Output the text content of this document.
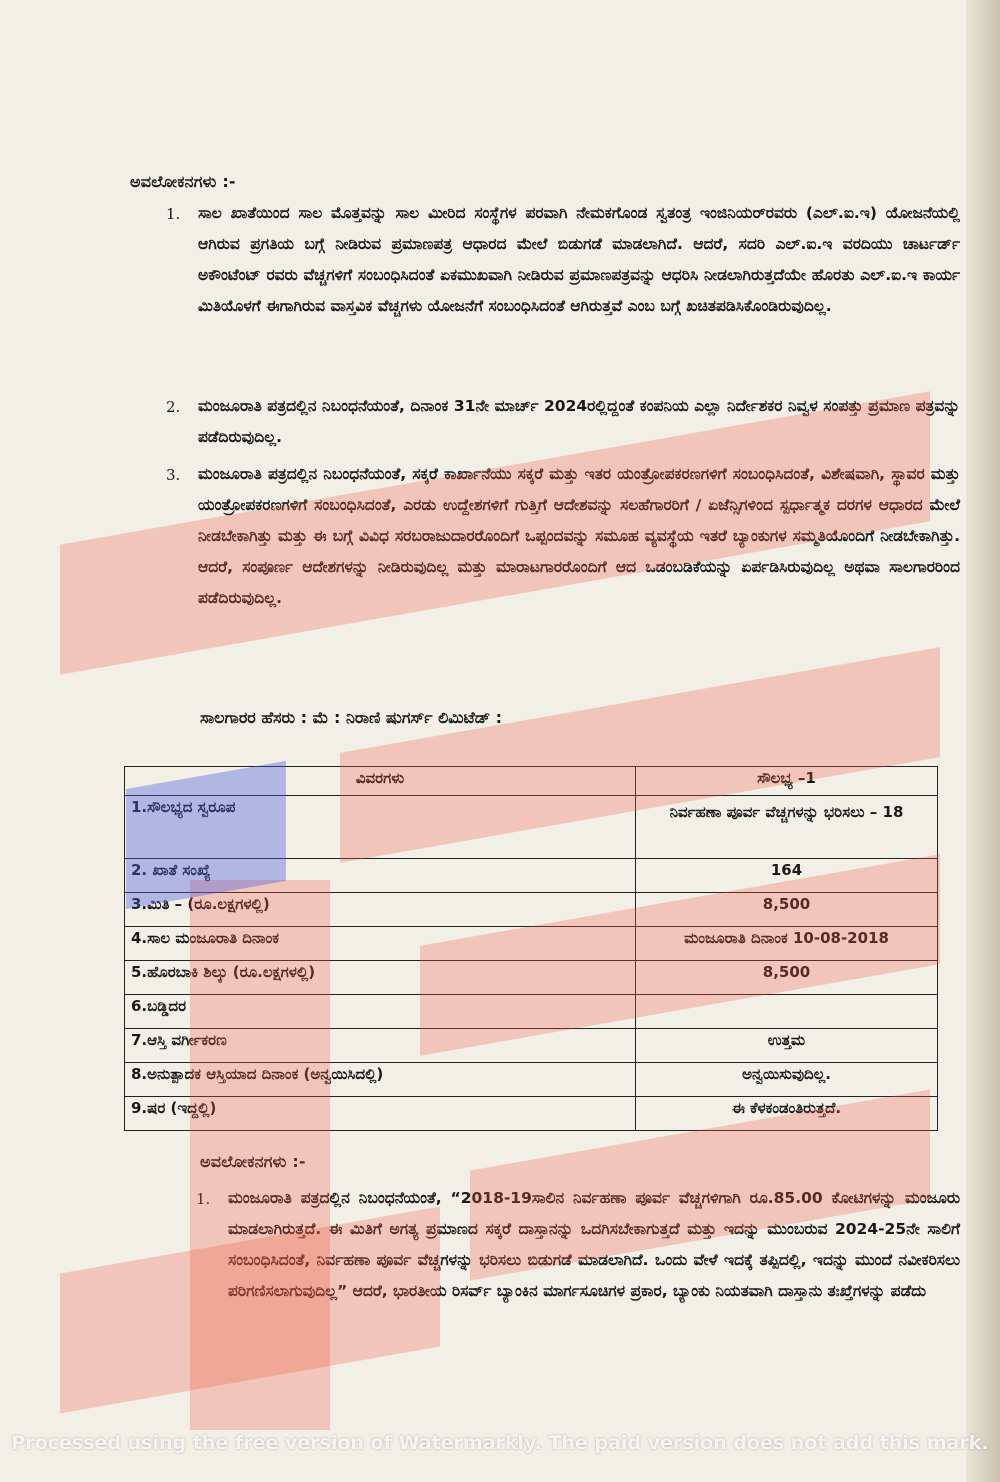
ಅವಲೋಕನಗಳು :-
1. ಸಾಲ ಖಾತೆಯಿಂದ ಸಾಲ ಮೊತ್ತವನ್ನು ಸಾಲ ಮೀರಿದ ಸಂಸ್ಥೆಗಳ ಪರವಾಗಿ ನೇಮಕಗೊಂಡ ಸ್ವತಂತ್ರ ಇಂಜಿನಿಯರ್‌ರವರು (ಎಲ್.ಐ.ಇ) ಯೋಜನೆಯಲ್ಲಿ ಆಗಿರುವ ಪ್ರಗತಿಯ ಬಗ್ಗೆ ನೀಡಿರುವ ಪ್ರಮಾಣಪತ್ರ ಆಧಾರದ ಮೇಲೆ ಬಿಡುಗಡೆ ಮಾಡಲಾಗಿದೆ. ಆದರೆ, ಸದರಿ ಎಲ್.ಐ.ಇ ವರದಿಯು ಚಾರ್ಟರ್ಡ್ ಅಕೌಂಟೆಂಟ್ ರವರು ವೆಚ್ಚಗಳಿಗೆ ಸಂಬಂಧಿಸಿದಂತೆ ಏಕಮುಖವಾಗಿ ನೀಡಿರುವ ಪ್ರಮಾಣಪತ್ರವನ್ನು ಆಧರಿಸಿ ನೀಡಲಾಗಿರುತ್ತದೆಯೇ ಹೊರತು ಎಲ್.ಐ.ಇ ಕಾರ್ಯ ಮಿತಿಯೊಳಗೆ ಈಗಾಗಿರುವ ವಾಸ್ತವಿಕ ವೆಚ್ಚಗಳು ಯೋಜನೆಗೆ ಸಂಬಂಧಿಸಿದಂತೆ ಆಗಿರುತ್ತವೆ ಎಂಬ ಬಗ್ಗೆ ಖಚಿತಪಡಿಸಿಕೊಂಡಿರುವುದಿಲ್ಲ.
2. ಮಂಜೂರಾತಿ ಪತ್ರದಲ್ಲಿನ ನಿಬಂಧನೆಯಂತೆ, ದಿನಾಂಕ 31ನೇ ಮಾರ್ಚ್ 2024ರಲ್ಲಿದ್ದಂತೆ ಕಂಪನಿಯ ಎಲ್ಲಾ ನಿರ್ದೇಶಕರ ನಿವ್ವಳ ಸಂಪತ್ತು ಪ್ರಮಾಣ ಪತ್ರವನ್ನು ಪಡೆದಿರುವುದಿಲ್ಲ.
3. ಮಂಜೂರಾತಿ ಪತ್ರದಲ್ಲಿನ ನಿಬಂಧನೆಯಂತೆ, ಸಕ್ಕರೆ ಕಾರ್ಖಾನೆಯು ಸಕ್ಕರೆ ಮತ್ತು ಇತರ ಯಂತ್ರೋಪಕರಣಗಳಿಗೆ ಸಂಬಂಧಿಸಿದಂತೆ, ವಿಶೇಷವಾಗಿ, ಸ್ಥಾವರ ಮತ್ತು ಯಂತ್ರೋಪಕರಣಗಳಿಗೆ ಸಂಬಂಧಿಸಿದಂತೆ, ಎರಡು ಉದ್ದೇಶಗಳಿಗೆ ಗುತ್ತಿಗೆ ಆದೇಶವನ್ನು ಸಲಹೆಗಾರರಿಗೆ / ಏಜೆನ್ಸಿಗಳಿಂದ ಸ್ಪರ್ಧಾತ್ಮಕ ದರಗಳ ಆಧಾರದ ಮೇಲೆ ನೀಡಬೇಕಾಗಿತ್ತು ಮತ್ತು ಈ ಬಗ್ಗೆ ವಿವಿಧ ಸರಬರಾಜುದಾರರೊಂದಿಗೆ ಒಪ್ಪಂದವನ್ನು ಸಮೂಹ ವ್ಯವಸ್ಥೆಯ ಇತರೆ ಬ್ಯಾಂಕುಗಳ ಸಮ್ಮತಿಯೊಂದಿಗೆ ನೀಡಬೇಕಾಗಿತ್ತು. ಆದರೆ, ಸಂಪೂರ್ಣ ಆದೇಶಗಳನ್ನು ನೀಡಿರುವುದಿಲ್ಲ ಮತ್ತು ಮಾರಾಟಗಾರರೊಂದಿಗೆ ಆದ ಒಡಂಬಡಿಕೆಯನ್ನು ಏರ್ಪಡಿಸಿರುವುದಿಲ್ಲ ಅಥವಾ ಸಾಲಗಾರರಿಂದ ಪಡೆದಿರುವುದಿಲ್ಲ.
ಸಾಲಗಾರರ ಹೆಸರು : ಮೆ : ನಿರಾಣಿ ಷುಗರ್ಸ್ ಲಿಮಿಟೆಡ್ :
ವಿವರಗಳು	ಸೌಲಭ್ಯ –1
1.ಸೌಲಭ್ಯದ ಸ್ವರೂಪ	ನಿರ್ವಹಣಾ ಪೂರ್ವ ವೆಚ್ಚಗಳನ್ನು ಭರಿಸಲು – 18
2. ಖಾತೆ ಸಂಖ್ಯೆ	164
3.ಮಿತಿ – (ರೂ.ಲಕ್ಷಗಳಲ್ಲಿ)	8,500
4.ಸಾಲ ಮಂಜೂರಾತಿ ದಿನಾಂಕ	ಮಂಜೂರಾತಿ ದಿನಾಂಕ 10-08-2018
5.ಹೊರಬಾಕಿ ಶಿಲ್ಕು (ರೂ.ಲಕ್ಷಗಳಲ್ಲಿ)	8,500
6.ಬಡ್ಡಿದರ	
7.ಆಸ್ತಿ ವರ್ಗೀಕರಣ	ಉತ್ತಮ
8.ಅನುತ್ಪಾದಕ ಆಸ್ತಿಯಾದ ದಿನಾಂಕ (ಅನ್ವಯಿಸಿದಲ್ಲಿ)	ಅನ್ವಯಿಸುವುದಿಲ್ಲ.
9.ಷರ (ಇದ್ದಲ್ಲಿ)	ಈ ಕೆಳಕಂಡಂತಿರುತ್ತದೆ.
ಅವಲೋಕನಗಳು :-
1. ಮಂಜೂರಾತಿ ಪತ್ರದಲ್ಲಿನ ನಿಬಂಧನೆಯಂತೆ, “2018-19ಸಾಲಿನ ನಿರ್ವಹಣಾ ಪೂರ್ವ ವೆಚ್ಚಗಳಿಗಾಗಿ ರೂ.85.00 ಕೋಟಿಗಳನ್ನು ಮಂಜೂರು ಮಾಡಲಾಗಿರುತ್ತದೆ. ಈ ಮಿತಿಗೆ ಅಗತ್ಯ ಪ್ರಮಾಣದ ಸಕ್ಕರೆ ದಾಸ್ತಾನನ್ನು ಒದಗಿಸಬೇಕಾಗುತ್ತದೆ ಮತ್ತು ಇದನ್ನು ಮುಂಬರುವ 2024-25ನೇ ಸಾಲಿಗೆ ಸಂಬಂಧಿಸಿದಂತೆ, ನಿರ್ವಹಣಾ ಪೂರ್ವ ವೆಚ್ಚಗಳನ್ನು ಭರಿಸಲು ಬಿಡುಗಡೆ ಮಾಡಲಾಗಿದೆ. ಒಂದು ವೇಳೆ ಇದಕ್ಕೆ ತಪ್ಪಿದಲ್ಲಿ, ಇದನ್ನು ಮುಂದೆ ನವೀಕರಿಸಲು ಪರಿಗಣಿಸಲಾಗುವುದಿಲ್ಲ” ಆದರೆ, ಭಾರತೀಯ ರಿಸರ್ವ್ ಬ್ಯಾಂಕಿನ ಮಾರ್ಗಸೂಚಿಗಳ ಪ್ರಕಾರ, ಬ್ಯಾಂಕು ನಿಯತವಾಗಿ ದಾಸ್ತಾನು ತಃಖ್ತೆಗಳನ್ನು ಪಡೆದು
Processed using the free version of Watermarkly. The paid version does not add this mark.
